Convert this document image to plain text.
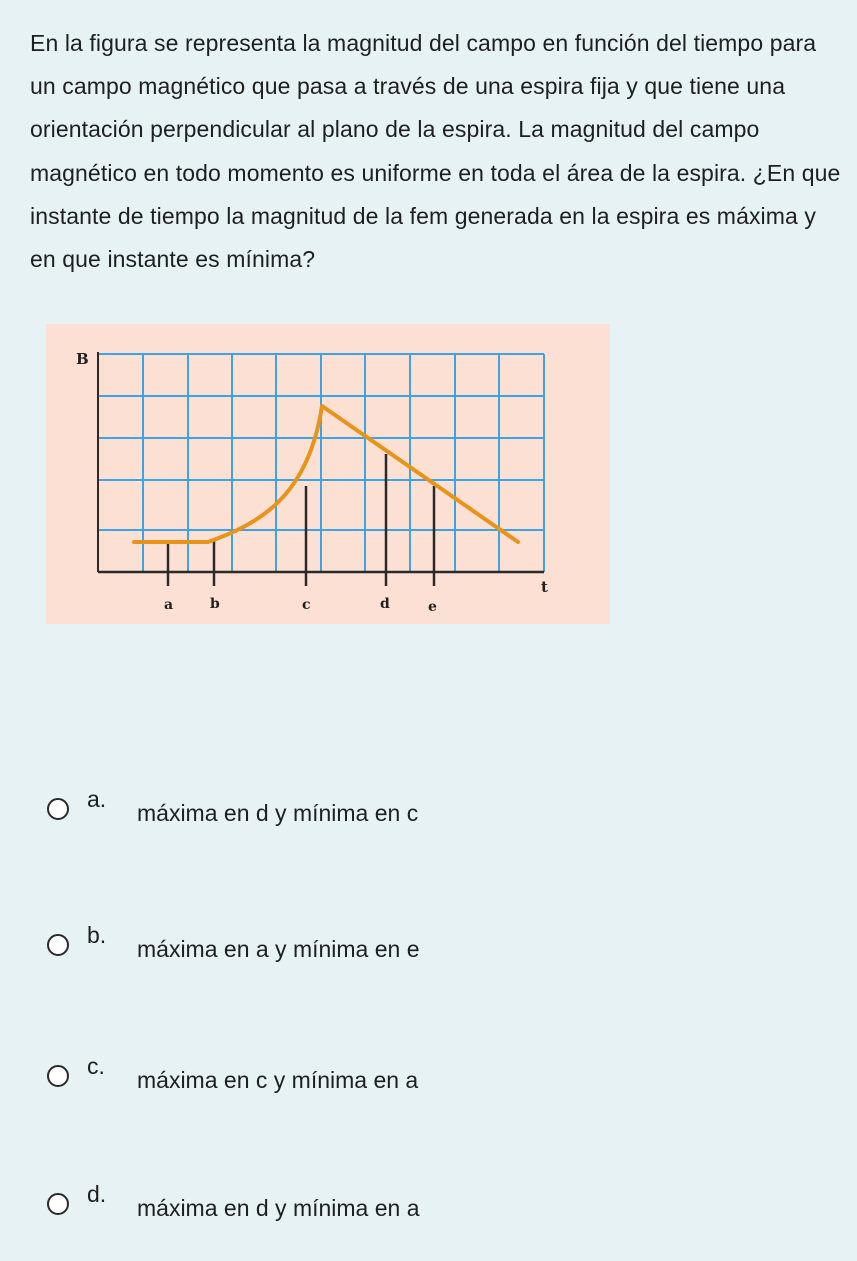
En la figura se representa la magnitud del campo en función del tiempo para un campo magnético que pasa a través de una espira fija y que tiene una orientación perpendicular al plano de la espira. La magnitud del campo magnético en todo momento es uniforme en toda el área de la espira. ¿En que instante de tiempo la magnitud de la fem generada en la espira es máxima y en que instante es mínima?

B
t
a	b	c	d	e
a.
máxima en d y mínima en c
b.
máxima en a y mínima en e
c.
máxima en c y mínima en a
d.
máxima en d y mínima en a
